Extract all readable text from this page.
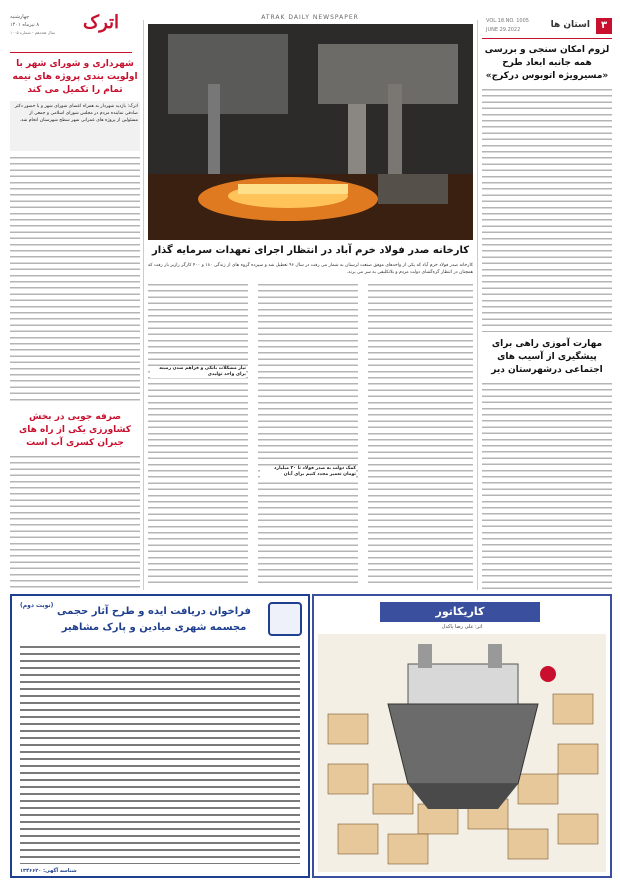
۳
استان ها
VOL.18.NO. 1005
JUNE 29.2022
ATRAK DAILY NEWSPAPER
اترک
چهارشنبه
۸ تیرماه ۱۴۰۱
سال هجدهم - شماره ۱۰۰۵
لزوم امکان سنجی و بررسی همه جانبه ابعاد طرح «مسیرویژه اتوبوس درکرج»
مهارت آموزی راهی برای پیشگیری از آسیب های اجتماعی درشهرستان دیر
کارخانه صدر فولاد خرم آباد در انتظار اجرای تعهدات سرمایه گذار
کارخانه صدر فولاد خرم آباد که یکی از واحدهای موفق صنعت لرستان به شمار می رفت در سال ۹۶ تعطیل شد و سیزده گروه های از زندگی ۱۸۰ و ۴۰۰ کارگر رازیر بار رفت که همچنان در انتظار گره‌گشای دولت مردم و بلاتکلیفی به سر می برند.
نیاز مشکلات بانکی و فراهم شدن زمینه برای واحد تولیدی
کمک دولت به صدر فولاد تا ۳۰ میلیارد تومان تعمیر مجدد کنیم برای آبان
شهرداری و شورای شهر با اولویت بندی پروژه های نیمه تمام را تکمیل می کند
اترک: بازدید شهردار به همراه اعضای شورای شهر و با حضور دکتر صادقی نماینده مردم در مجلس شورای اسلامی و جمعی از مسئولین از پروژه های عمرانی شهر سطح شهرستان انجام شد.
صرفه جویی در بخش کشاورزی یکی از راه های جبران کسری آب است
کاریکاتور
اثر: علی رضا پاکدل
(نوبت دوم)
فراخوان دریافت ایده و طرح آثار حجمی
مجسمه شهری میادین و پارک مشاهیر
شناسه آگهی: ۱۳۴۶۶۲۰
